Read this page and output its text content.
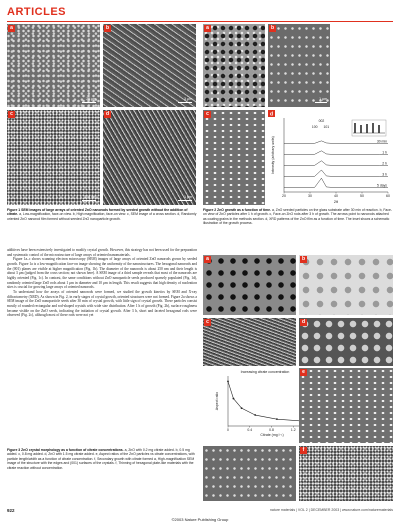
ARTICLES
a
20 μm
b
3 μm
c
100 nm
d
1 μm
a	b
1 μm
c	d
Intensity (arbitrary units)
2θ
20	30	40	50	60
30 min
1 h
2 h
3 h
5 days
100
002
101
Figure 1 SEM images of large arrays of oriented ZnO nanorods formed by seeded growth without the addition of citrate. a, Low-magnification, face-on view. b, High magnification, face-on view. c, SEM image of a cross section. d, Randomly oriented ZnO nanorod film formed without seeded ZnO nanoparticle growth.
Figure 2 ZnO growth as a function of time. a, ZnO seeded particles on the glass substrate after 30 min of reaction. b, Face-on view of ZnO particles after 1 h of growth. c, Face-on ZnO rods after 3 h of growth. The arrows point to nanorods attached as coating grains in the methods section. d, XRD patterns of the ZnO film as a function of time. The inset shows a schematic illustration of the growth process.

additives have been extensively investigated to modify crystal growth. However, this strategy has not been used for the preparation and systematic control of the microstructure of large arrays of oriented nanomaterials.

Figure 1a–c shows scanning electron microscopy (SEM) images of large arrays of oriented ZnO nanorods grown by seeded growth. Figure 1a is a low-magnification face-on image showing the uniformity of the nanostructures. The hexagonal nanorods and the (001) planes are visible at higher magnification (Fig. 1b). The diameter of the nanorods is about 250 nm and their length is about 3 μm (judged from the cross section; not shown here). A SEM image of a third sample reveals that most of the nanorods are highly oriented (Fig. 1c). In contrast, the same conditions without ZnO nanoparticle seeds produced sparsely populated (Fig. 1d), randomly oriented large ZnO rods about 1 μm in diameter and 10 μm in length. This result suggests that high density of nucleation sites is crucial for growing large arrays of oriented nanorods.

To understand how the arrays of oriented nanorods were formed, we studied the growth kinetics by SEM and X-ray diffractometry (XRD). As shown in Fig. 2, in early stages of crystal growth, oriented structures were not formed. Figure 2a shows a SEM image of the ZnO nanoparticle seeds after 30 min of crystal growth, with little sign of crystal growth. These particles consist mostly of rounded rectangular and rod-shaped crystals with wide size distribution. After 1 h of growth (Fig. 2b), surface roughness became visible on the ZnO seeds, indicating the initiation of crystal growth. After 3 h, short and faceted hexagonal rods were observed (Fig. 2c), although most of these rods were not yet

a	b
c	d
Increasing citrate concentration
Aspect ratio
Citrate (mg l⁻¹)
0	0.4	0.8	1.2
e
f
Figure 3 ZnO crystal morphology as a function of citrate concentrations. a, ZnO with 0.2 mg citrate added. b, 0.5 mg added. c, 0.8 mg added. d, ZnO with 1.5 mg citrate added. e, Aspect ratios of the ZnO particles vs citrate concentrations, with particle length/width as a function of citrate concentration. f, Secondary growth with citrate formed a, High-magnification SEM image of the structure with the edges and (001) surfaces of the crystals. f, Thinning of hexagonal plate-like materials with the citrate reaction without concentration.
922	nature materials | VOL 2 | DECEMBER 2003 | www.nature.com/naturematerials
©2003 Nature Publishing Group
